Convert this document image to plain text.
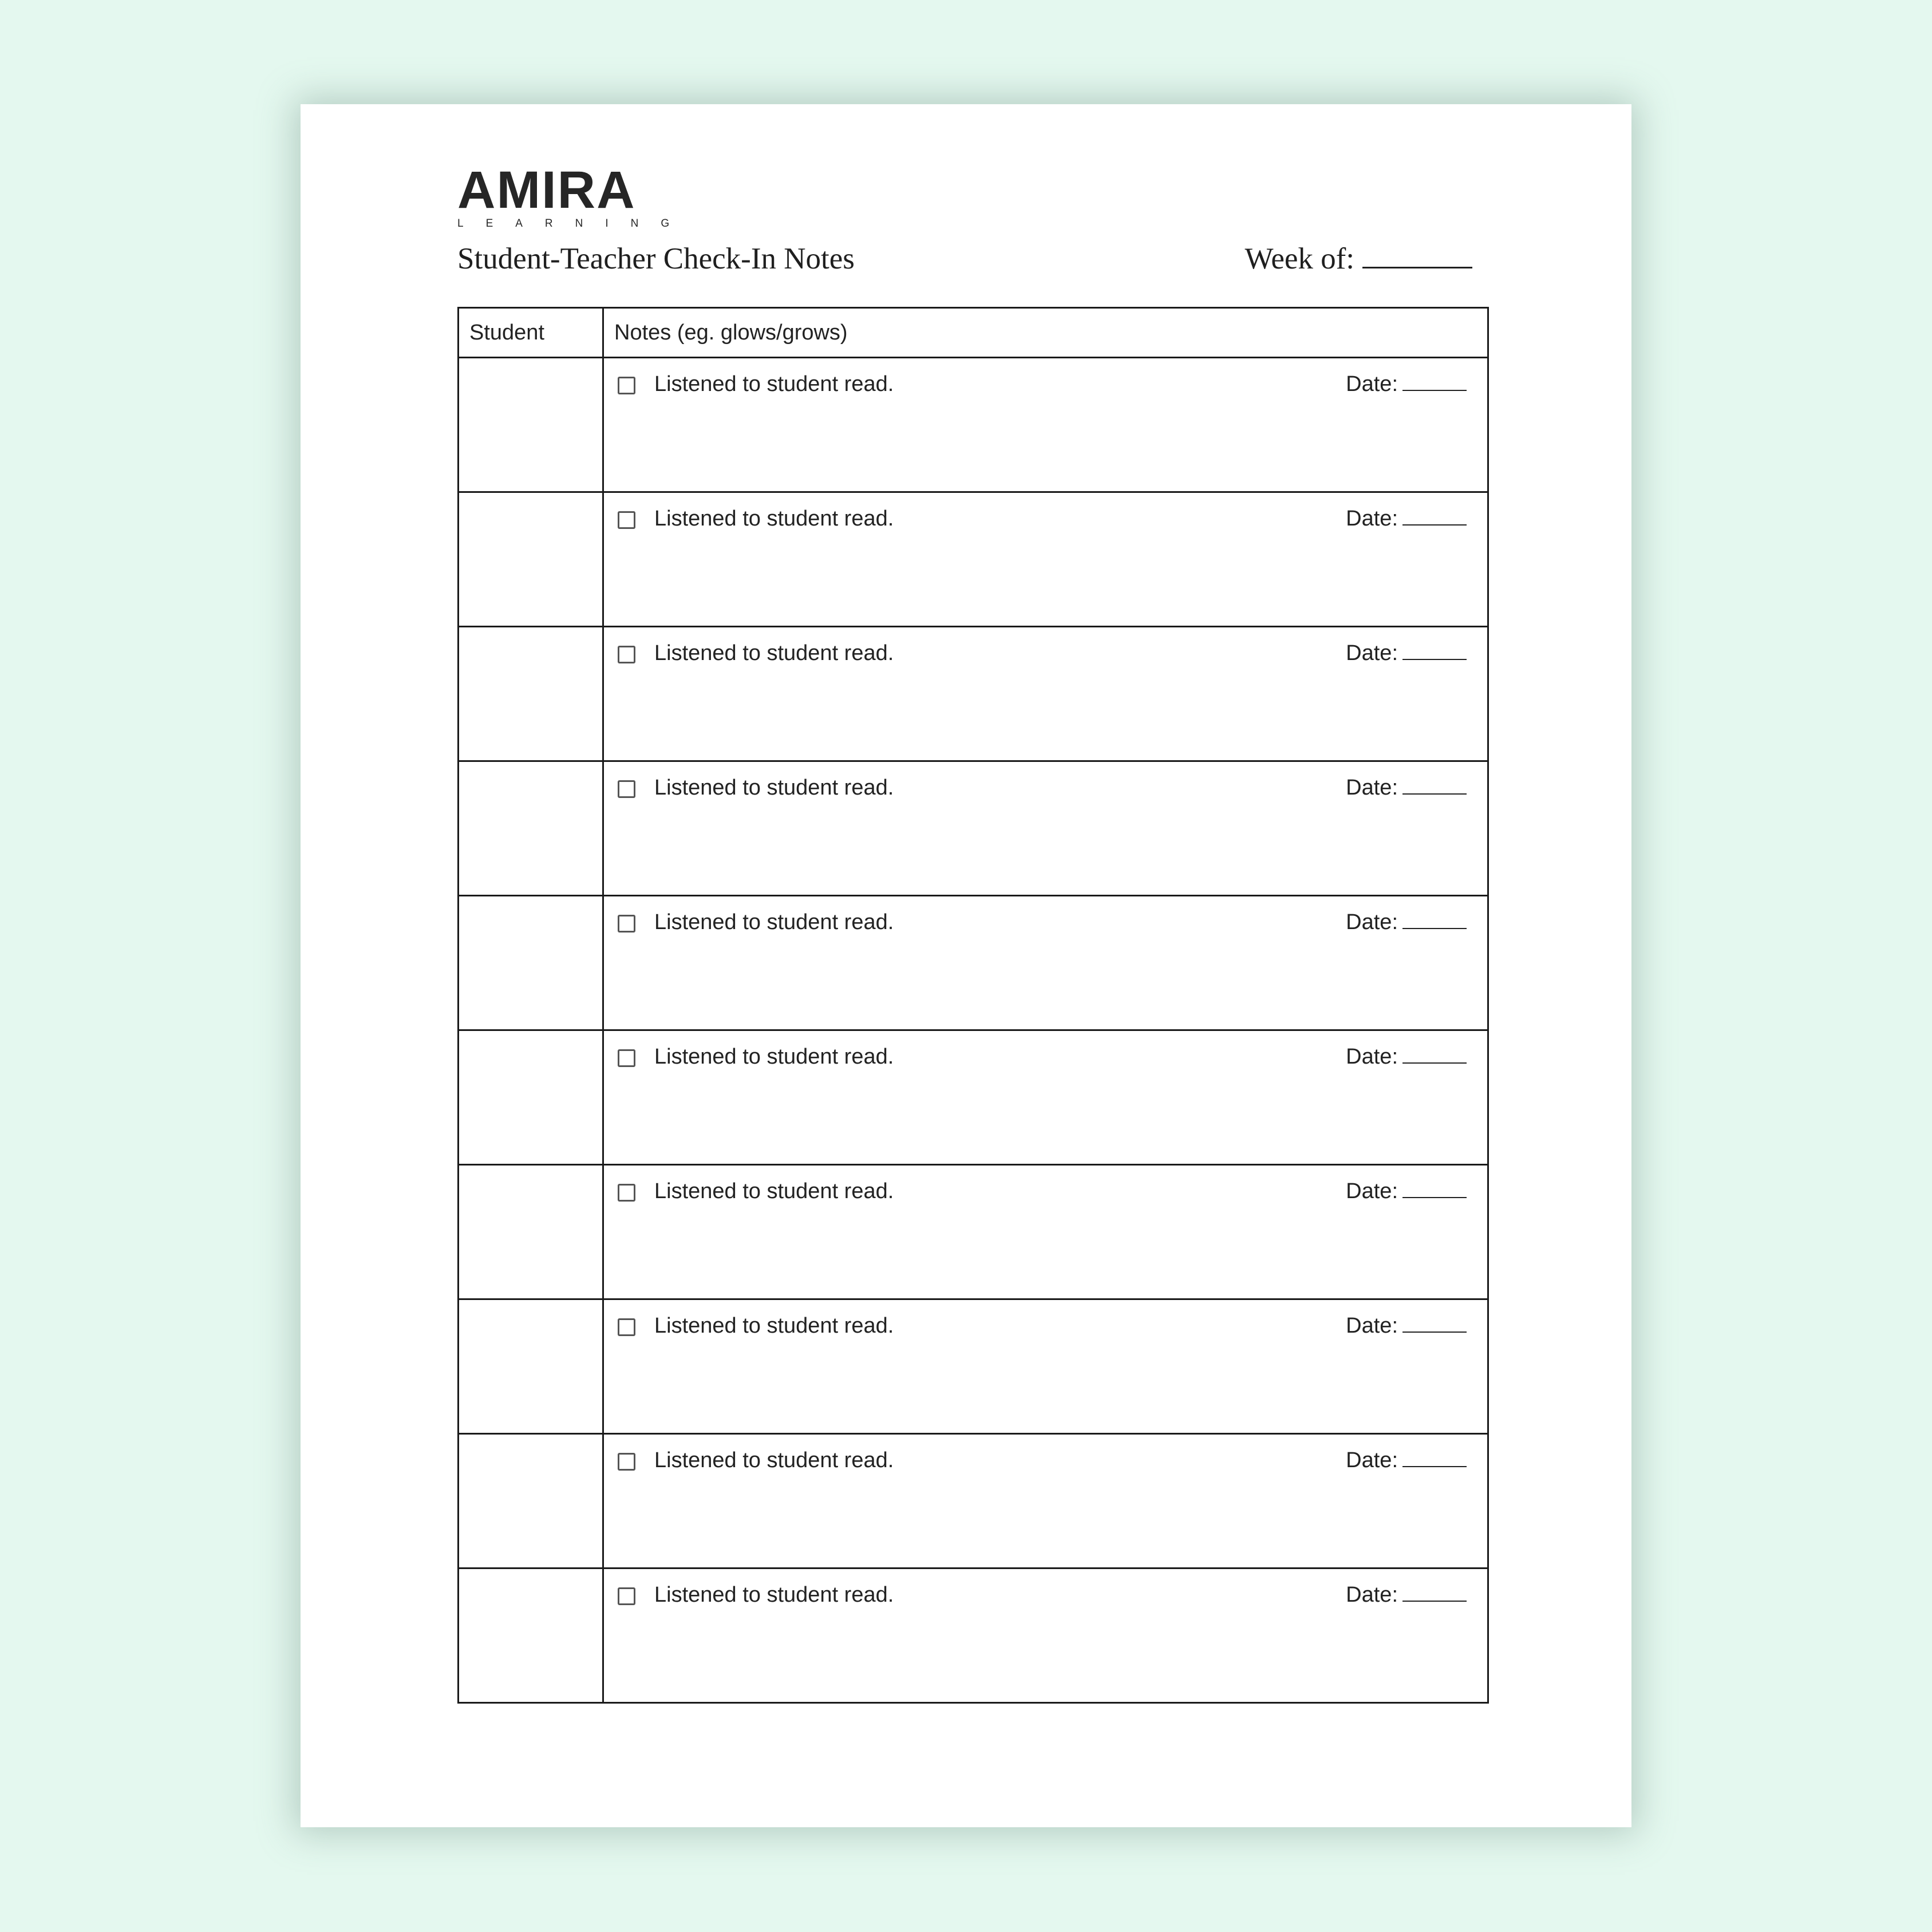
AMIRA
LEARNING
Student-Teacher Check-In Notes	Week of:
Student	Notes (eg. glows/grows)

	Listened to student read. Date:

	Listened to student read. Date:

	Listened to student read. Date:

	Listened to student read. Date:

	Listened to student read. Date:

	Listened to student read. Date:

	Listened to student read. Date:

	Listened to student read. Date:

	Listened to student read. Date:

	Listened to student read. Date:
